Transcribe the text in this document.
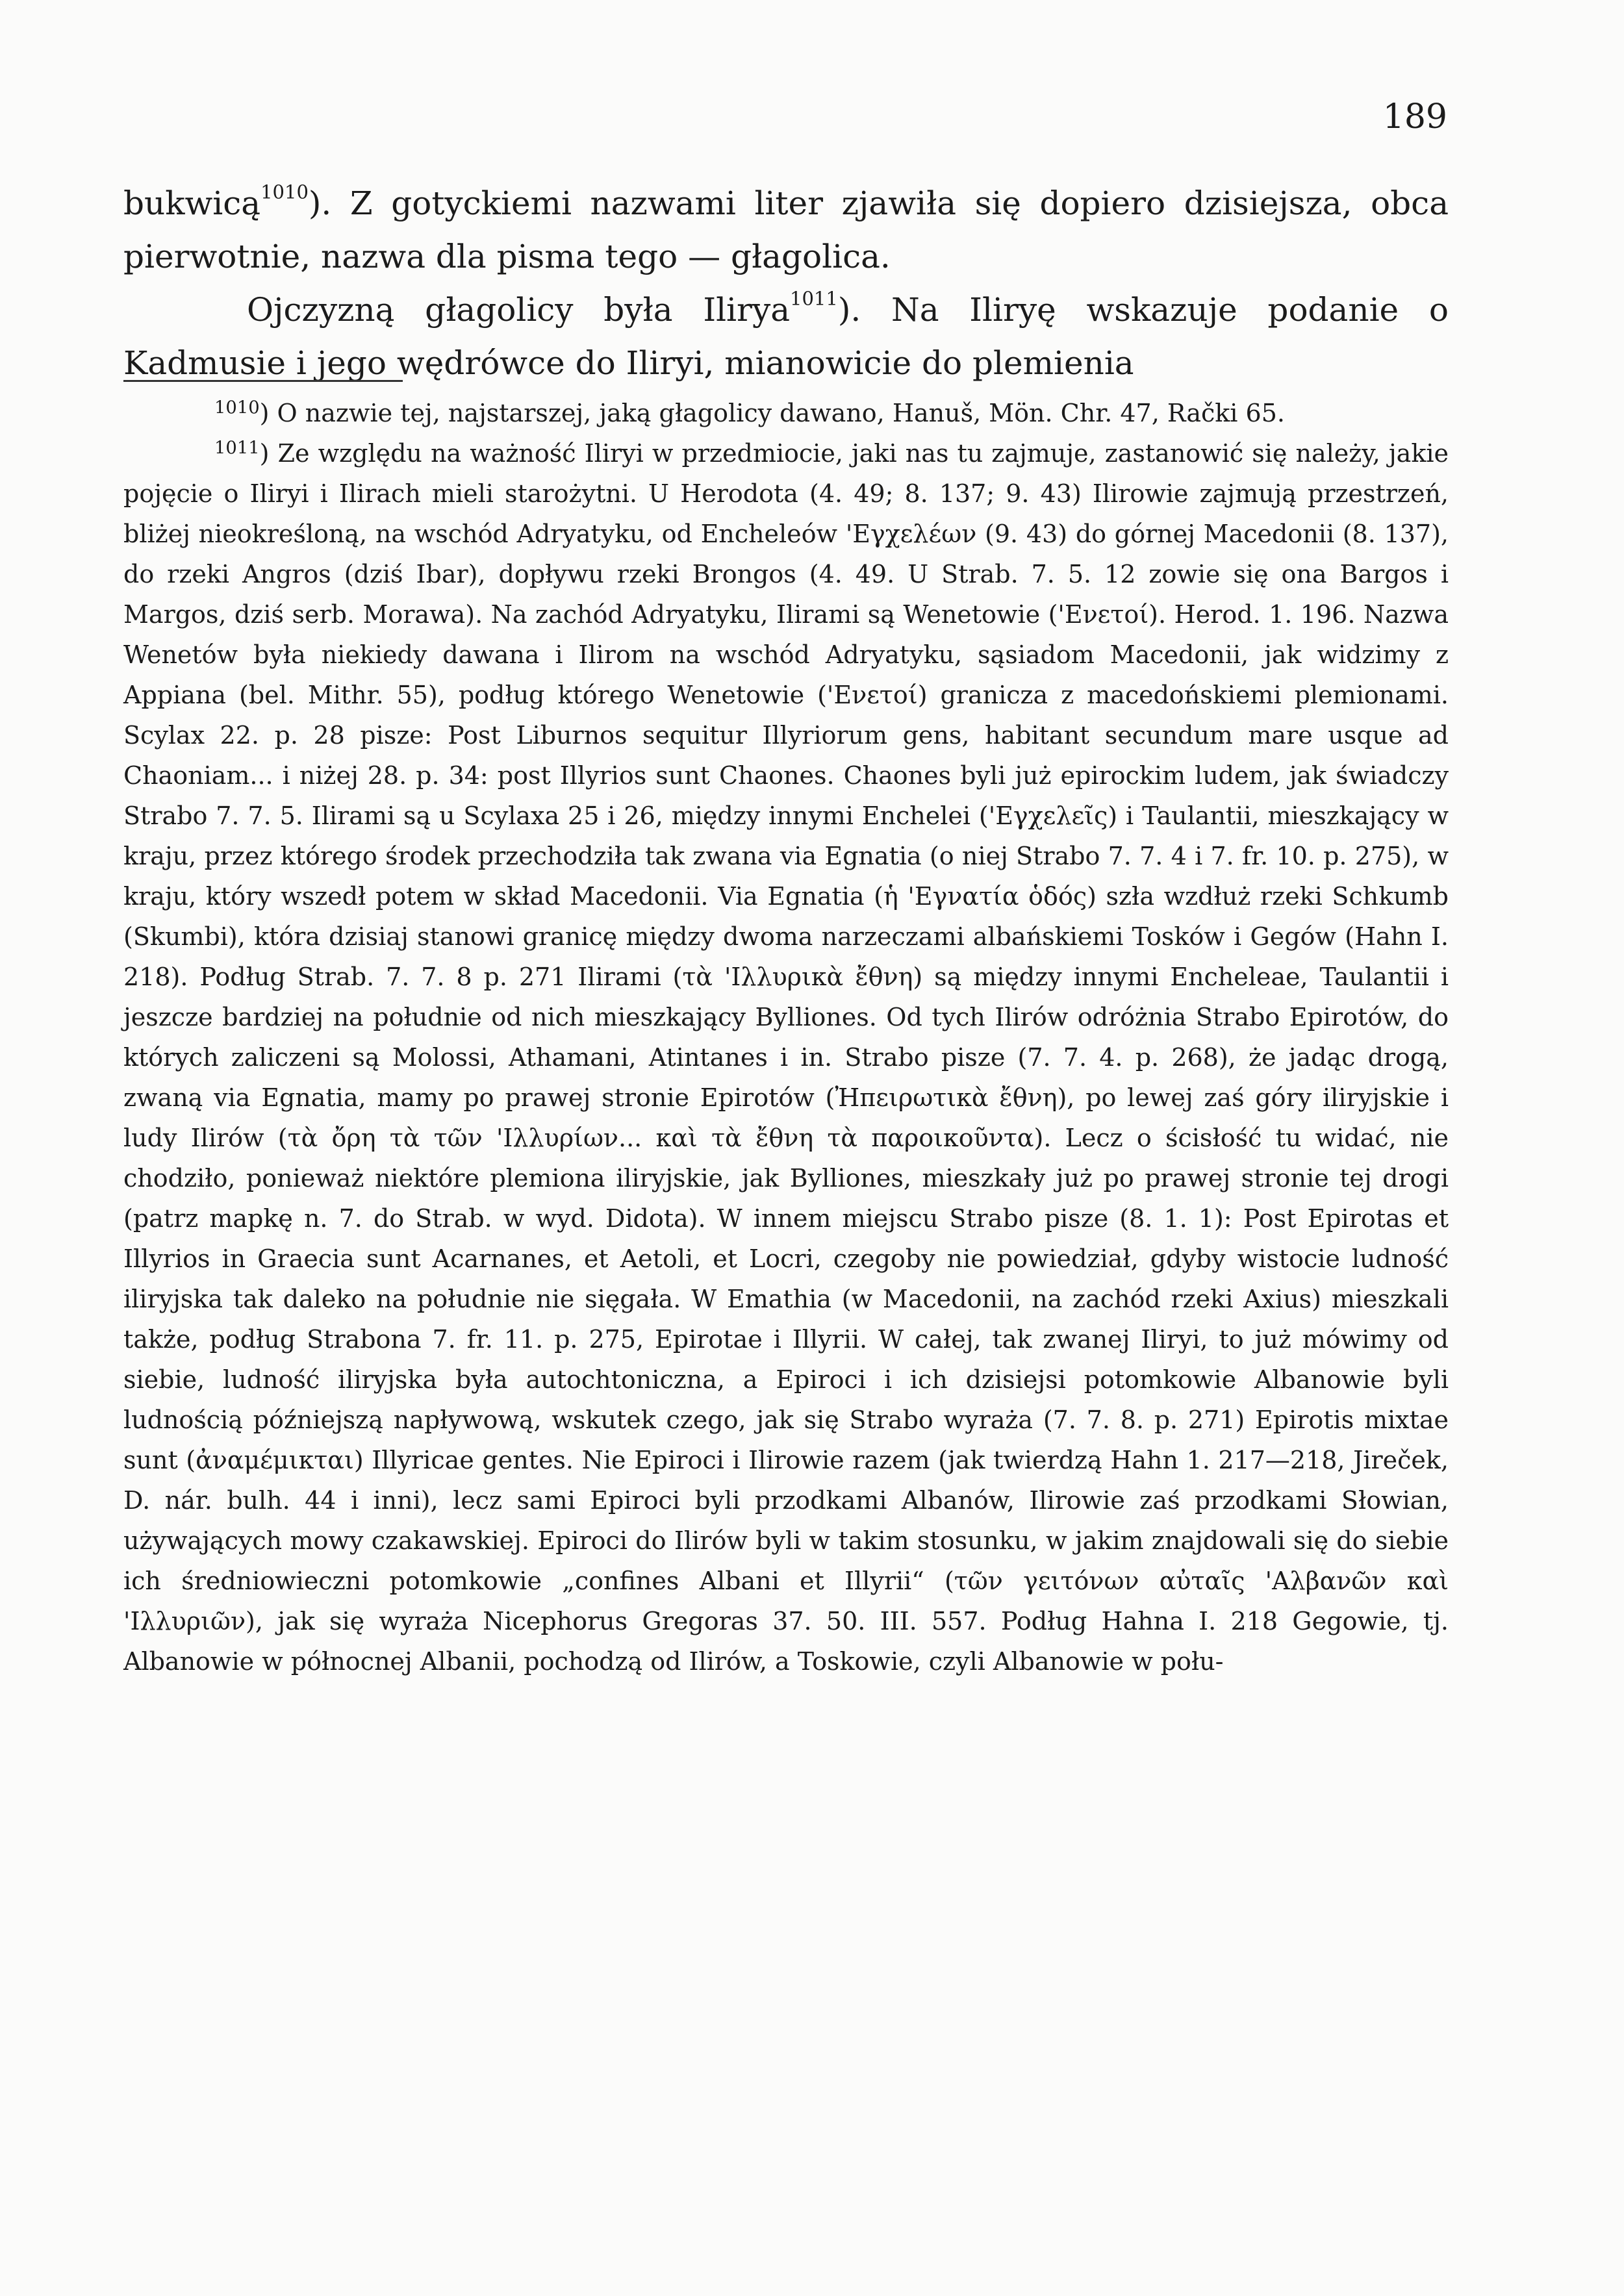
189

bukwicą$^{1010}$). Z gotyckiemi nazwami liter zjawiła się dopiero dzisiejsza, obca pierwotnie, nazwa dla pisma tego — głagolica.

Ojczyzną głagolicy była Ilirya$^{1011}$). Na Iliryę wskazuje podanie o Kadmusie i jego wędrówce do Iliryi, mianowicie do plemienia

$^{1010}$) O nazwie tej, najstarszej, jaką głagolicy dawano, Hanuš, Mön. Chr. 47, Rački 65.

$^{1011}$) Ze względu na ważność Iliryi w przedmiocie, jaki nas tu zajmuje, zastanowić się należy, jakie pojęcie o Iliryi i Ilirach mieli starożytni. U Herodota (4. 49; 8. 137; 9. 43) Ilirowie zajmują przestrzeń, bliżej nieokreśloną, na wschód Adryatyku, od Encheleów 'Εγχελέων (9. 43) do górnej Macedonii (8. 137), do rzeki Angros (dziś Ibar), dopływu rzeki Brongos (4. 49. U Strab. 7. 5. 12 zowie się ona Bargos i Margos, dziś serb. Morawa). Na zachód Adryatyku, Ilirami są Wenetowie ('Ενετοί). Herod. 1. 196. Nazwa Wenetów była niekiedy dawana i Ilirom na wschód Adryatyku, sąsiadom Macedonii, jak widzimy z Appiana (bel. Mithr. 55), podług którego Wenetowie ('Ενετοί) granicza z macedońskiemi plemionami. Scylax 22. p. 28 pisze: Post Liburnos sequitur Illyriorum gens, habitant secundum mare usque ad Chaoniam... i niżej 28. p. 34: post Illyrios sunt Chaones. Chaones byli już epirockim ludem, jak świadczy Strabo 7. 7. 5. Ilirami są u Scylaxa 25 i 26, między innymi Encheleі ('Εγχελεῖς) i Taulantii, mieszkający w kraju, przez którego środek przechodziła tak zwana via Egnatia (o niej Strabo 7. 7. 4 i 7. fr. 10. p. 275), w kraju, który wszedł potem w skład Macedonii. Via Egnatia (ἡ 'Εγνατία ὁδός) szła wzdłuż rzeki Schkumb (Skumbi), która dzisiaj stanowi granicę między dwoma narzeczami albańskiemi Tosków i Gegów (Hahn I. 218). Podług Strab. 7. 7. 8 p. 271 Ilirami (τὰ 'Ιλλυρικὰ ἔθνη) są między innymi Encheleae, Taulantii i jeszcze bardziej na południe od nich mieszkający Bylliones. Od tych Ilirów odróżnia Strabo Epirotów, do których zaliczeni są Molossi, Athamani, Atintanes i in. Strabo pisze (7. 7. 4. p. 268), że jadąc drogą, zwaną via Egnatia, mamy po prawej stronie Epirotów (Ἠπειρωτικὰ ἔθνη), po lewej zaś góry iliryjskie i ludy Ilirów (τὰ ὄρη τὰ τῶν 'Ιλλυρίων... καὶ τὰ ἔθνη τὰ παροικοῦντα). Lecz o ścisłość tu widać, nie chodziło, ponieważ niektóre plemiona iliryjskie, jak Bylliones, mieszkały już po prawej stronie tej drogi (patrz mapkę n. 7. do Strab. w wyd. Didota). W innem miejscu Strabo pisze (8. 1. 1): Post Epirotas et Illyrios in Graecia sunt Acarnanes, et Aetoli, et Locri, czegoby nie powiedział, gdyby wistocie ludność iliryjska tak daleko na południe nie sięgała. W Emathia (w Macedonii, na zachód rzeki Axius) mieszkali także, podług Strabona 7. fr. 11. p. 275, Epirotae i Illyrii. W całej, tak zwanej Iliryi, to już mówimy od siebie, ludność iliryjska była autochtoniczna, a Epiroci i ich dzisiejsi potomkowie Albanowie byli ludnością późniejszą napływową, wskutek czego, jak się Strabo wyraża (7. 7. 8. p. 271) Epirotis mixtae sunt (ἀναμέμικται) Illyricae gentes. Nie Epiroci i Ilirowie razem (jak twierdzą Hahn 1. 217—218, Jireček, D. nár. bulh. 44 i inni), lecz sami Epiroci byli przodkami Albanów, Ilirowie zaś przodkami Słowian, używających mowy czakawskiej. Epiroci do Ilirów byli w takim stosunku, w jakim znajdowali się do siebie ich średniowieczni potomkowie „confines Albani et Illyrii“ (τῶν γειτόνων αὐταῖς 'Αλβανῶν καὶ 'Ιλλυριῶν), jak się wyraża Nicephorus Gregoras 37. 50. III. 557. Podług Hahna I. 218 Gegowie, tj. Albanowie w północnej Albanii, pochodzą od Ilirów, a Toskowie, czyli Albanowie w połu-
